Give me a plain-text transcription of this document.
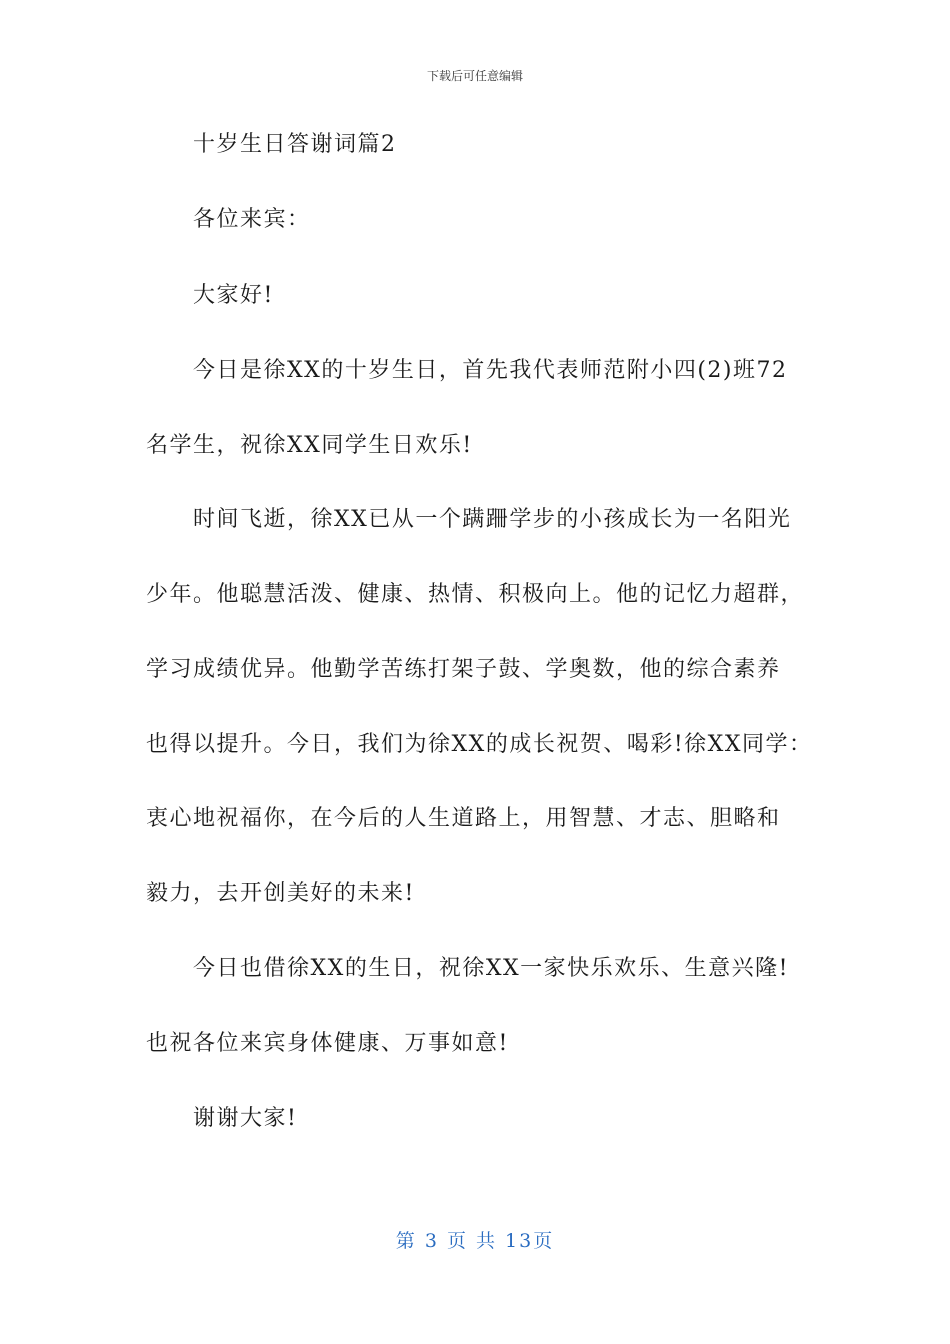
下载后可任意编辑
十岁生日答谢词篇2
各位来宾：
大家好!
今日是徐XX的十岁生日，首先我代表师范附小四(2)班72
名学生，祝徐XX同学生日欢乐!
时间飞逝，徐XX已从一个蹒跚学步的小孩成长为一名阳光
少年。他聪慧活泼、健康、热情、积极向上。他的记忆力超群，
学习成绩优异。他勤学苦练打架子鼓、学奥数，他的综合素养
也得以提升。今日，我们为徐XX的成长祝贺、喝彩!徐XX同学：
衷心地祝福你，在今后的人生道路上，用智慧、才志、胆略和
毅力，去开创美好的未来!
今日也借徐XX的生日，祝徐XX一家快乐欢乐、生意兴隆!
也祝各位来宾身体健康、万事如意!
谢谢大家!
第 3 页 共 13页
